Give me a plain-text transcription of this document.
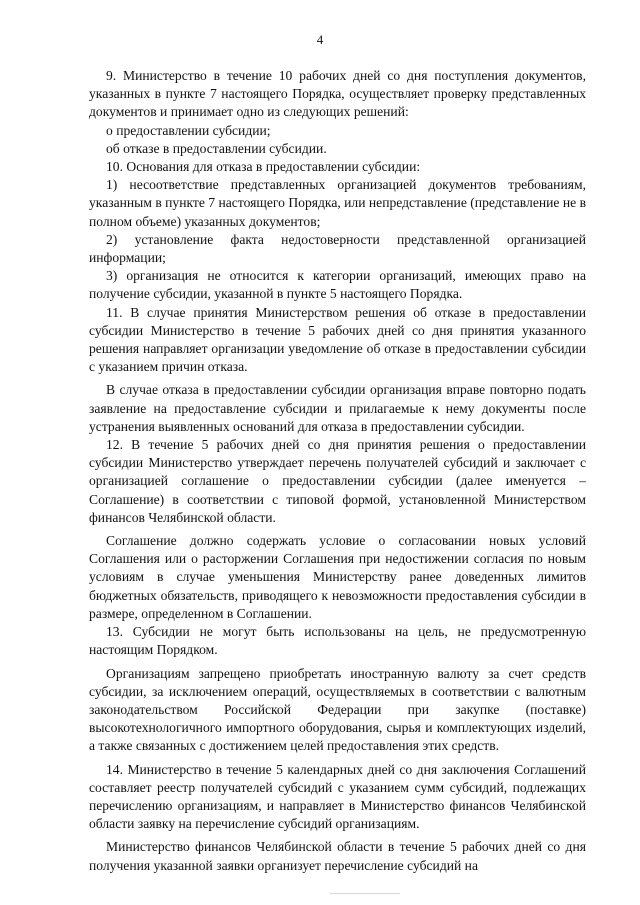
4

9. Министерство в течение 10 рабочих дней со дня поступления документов, указанных в пункте 7 настоящего Порядка, осуществляет проверку представленных документов и принимает одно из следующих решений:

о предоставлении субсидии;

об отказе в предоставлении субсидии.

10. Основания для отказа в предоставлении субсидии:

1) несоответствие представленных организацией документов требованиям, указанным в пункте 7 настоящего Порядка, или непредставление (представление не в полном объеме) указанных документов;

2) установление факта недостоверности представленной организацией информации;

3) организация не относится к категории организаций, имеющих право на получение субсидии, указанной в пункте 5 настоящего Порядка.

11. В случае принятия Министерством решения об отказе в предоставлении субсидии Министерство в течение 5 рабочих дней со дня принятия указанного решения направляет организации уведомление об отказе в предоставлении субсидии с указанием причин отказа.

В случае отказа в предоставлении субсидии организация вправе повторно подать заявление на предоставление субсидии и прилагаемые к нему документы после устранения выявленных оснований для отказа в предоставлении субсидии.

12. В течение 5 рабочих дней со дня принятия решения о предоставлении субсидии Министерство утверждает перечень получателей субсидий и заключает с организацией соглашение о предоставлении субсидии (далее именуется – Соглашение) в соответствии с типовой формой, установленной Министерством финансов Челябинской области.

Соглашение должно содержать условие о согласовании новых условий Соглашения или о расторжении Соглашения при недостижении согласия по новым условиям в случае уменьшения Министерству ранее доведенных лимитов бюджетных обязательств, приводящего к невозможности предоставления субсидии в размере, определенном в Соглашении.

13. Субсидии не могут быть использованы на цель, не предусмотренную настоящим Порядком.

Организациям запрещено приобретать иностранную валюту за счет средств субсидии, за исключением операций, осуществляемых в соответствии с валютным законодательством Российской Федерации при закупке (поставке) высокотехнологичного импортного оборудования, сырья и комплектующих изделий, а также связанных с достижением целей предоставления этих средств.

14. Министерство в течение 5 календарных дней со дня заключения Соглашений составляет реестр получателей субсидий с указанием сумм субсидий, подлежащих перечислению организациям, и направляет в Министерство финансов Челябинской области заявку на перечисление субсидий организациям.

Министерство финансов Челябинской области в течение 5 рабочих дней со дня получения указанной заявки организует перечисление субсидий на
